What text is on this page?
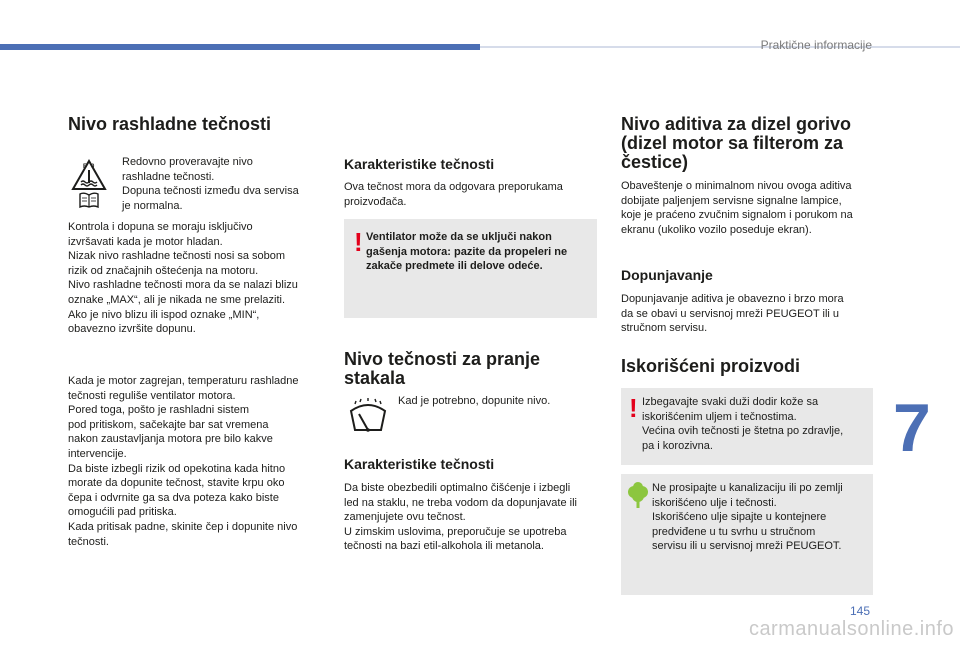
Praktične informacije
Nivo rashladne tečnosti
F 0	Redovno proveravajte nivo
rashladne tečnosti.
Dopuna tečnosti između dva servisa
je normalna.

Kontrola i dopuna se moraju isključivo
izvršavati kada je motor hladan.
Nizak nivo rashladne tečnosti nosi sa sobom
rizik od značajnih oštećenja na motoru.
Nivo rashladne tečnosti mora da se nalazi blizu
oznake „MAX“, ali je nikada ne sme prelaziti.
Ako je nivo blizu ili ispod oznake „MIN“,
obavezno izvršite dopunu.

Kada je motor zagrejan, temperaturu rashladne
tečnosti reguliše ventilator motora.
Pored toga, pošto je rashladni sistem
pod pritiskom, sačekajte bar sat vremena
nakon zaustavljanja motora pre bilo kakve
intervencije.
Da biste izbegli rizik od opekotina kada hitno
morate da dopunite tečnost, stavite krpu oko
čepa i odvrnite ga sa dva poteza kako biste
omogućili pad pritiska.
Kada pritisak padne, skinite čep i dopunite nivo
tečnosti.

Karakteristike tečnosti

Ova tečnost mora da odgovara preporukama
proizvođača.

! Ventilator može da se uključi nakon
gašenja motora: pazite da propeleri ne
zakače predmete ili delove odeće.

Nivo tečnosti za pranje
stakala

Kad je potrebno, dopunite nivo.

Karakteristike tečnosti

Da biste obezbedili optimalno čišćenje i izbegli
led na staklu, ne treba vodom da dopunjavate ili
zamenjujete ovu tečnost.
U zimskim uslovima, preporučuje se upotreba
tečnosti na bazi etil-alkohola ili metanola.

Nivo aditiva za dizel gorivo
(dizel motor sa filterom za
čestice)

Obaveštenje o minimalnom nivou ovoga aditiva
dobijate paljenjem servisne signalne lampice,
koje je praćeno zvučnim signalom i porukom na
ekranu (ukoliko vozilo poseduje ekran).

Dopunjavanje

Dopunjavanje aditiva je obavezno i brzo mora
da se obavi u servisnoj mreži PEUGEOT ili u
stručnom servisu.

Iskorišćeni proizvodi
! Izbegavajte svaki duži dodir kože sa
iskorišćenim uljem i tečnostima.
Većina ovih tečnosti je štetna po zdravlje,
pa i korozivna.

Ne prosipajte u kanalizaciju ili po zemlji
iskorišćeno ulje i tečnosti.
Iskorišćeno ulje sipajte u kontejnere
predviđene u tu svrhu u stručnom
servisu ili u servisnoj mreži PEUGEOT.

7
145
carmanualsonline.info
